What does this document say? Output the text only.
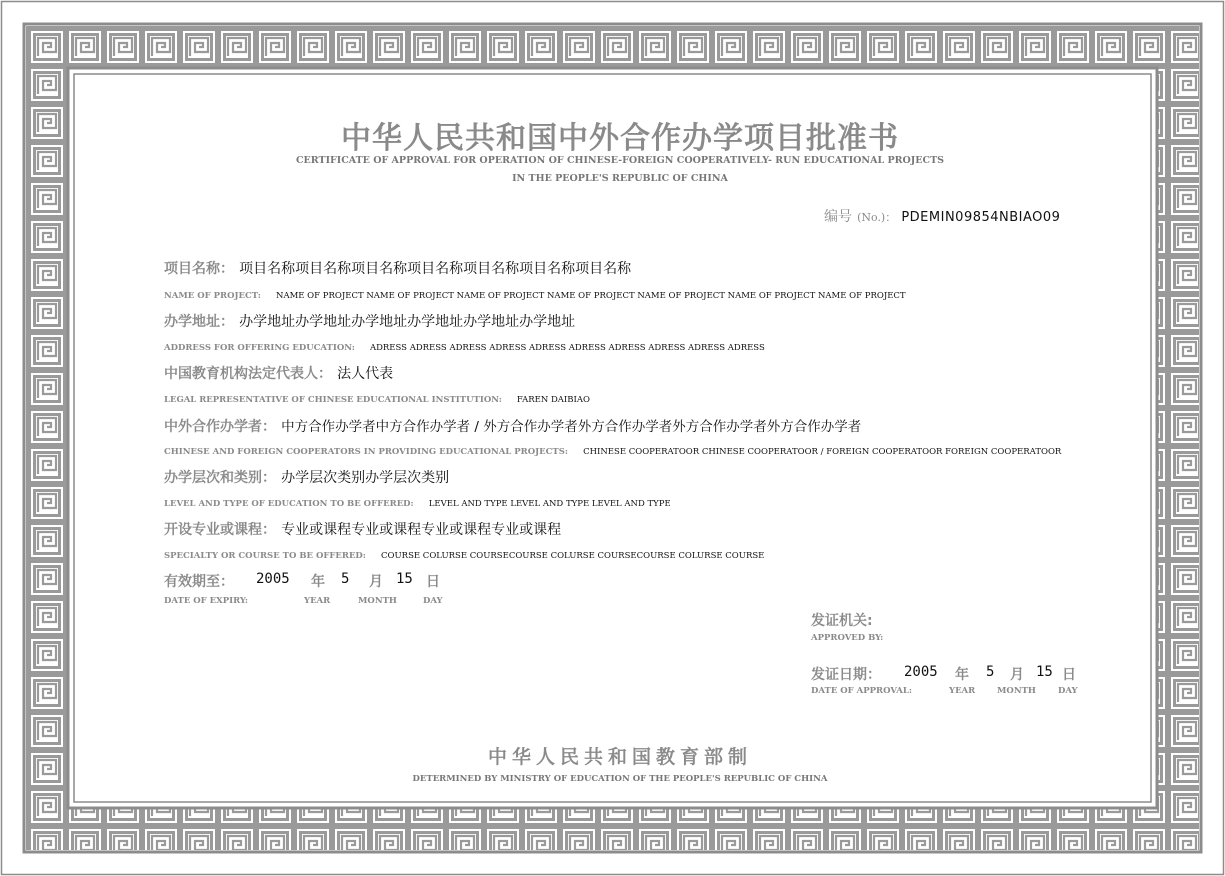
中华人民共和国中外合作办学项目批准书
CERTIFICATE OF APPROVAL FOR OPERATION OF CHINESE-FOREIGN COOPERATIVELY- RUN EDUCATIONAL PROJECTS
IN THE PEOPLE'S REPUBLIC OF CHINA
编号 (No.)： PDEMIN09854NBIAO09
项目名称： 项目名称项目名称项目名称项目名称项目名称项目名称项目名称
NAME OF PROJECT: NAME OF PROJECT NAME OF PROJECT NAME OF PROJECT NAME OF PROJECT NAME OF PROJECT NAME OF PROJECT NAME OF PROJECT
办学地址： 办学地址办学地址办学地址办学地址办学地址办学地址
ADDRESS FOR OFFERING EDUCATION: ADRESS ADRESS ADRESS ADRESS ADRESS ADRESS ADRESS ADRESS ADRESS ADRESS
中国教育机构法定代表人： 法人代表
LEGAL REPRESENTATIVE OF CHINESE EDUCATIONAL INSTITUTION: FAREN DAIBIAO
中外合作办学者： 中方合作办学者中方合作办学者 / 外方合作办学者外方合作办学者外方合作办学者外方合作办学者
CHINESE AND FOREIGN COOPERATORS IN PROVIDING EDUCATIONAL PROJECTS: CHINESE COOPERATOOR CHINESE COOPERATOOR / FOREIGN COOPERATOOR FOREIGN COOPERATOOR
办学层次和类别： 办学层次类别办学层次类别
LEVEL AND TYPE OF EDUCATION TO BE OFFERED: LEVEL AND TYPE LEVEL AND TYPE LEVEL AND TYPE
开设专业或课程： 专业或课程专业或课程专业或课程专业或课程
SPECIALTY OR COURSE TO BE OFFERED: COURSE COLURSE COURSECOURSE COLURSE COURSECOURSE COLURSE COURSE
有效期至： 2005 年 5 月 15 日
DATE OF EXPIRY:	YEAR	MONTH	DAY
发证机关:
APPROVED BY:
发证日期： 2005 年 5 月 15 日
DATE OF APPROVAL:	YEAR	MONTH	DAY
中华人民共和国教育部制
DETERMINED BY MINISTRY OF EDUCATION OF THE PEOPLE'S REPUBLIC OF CHINA
